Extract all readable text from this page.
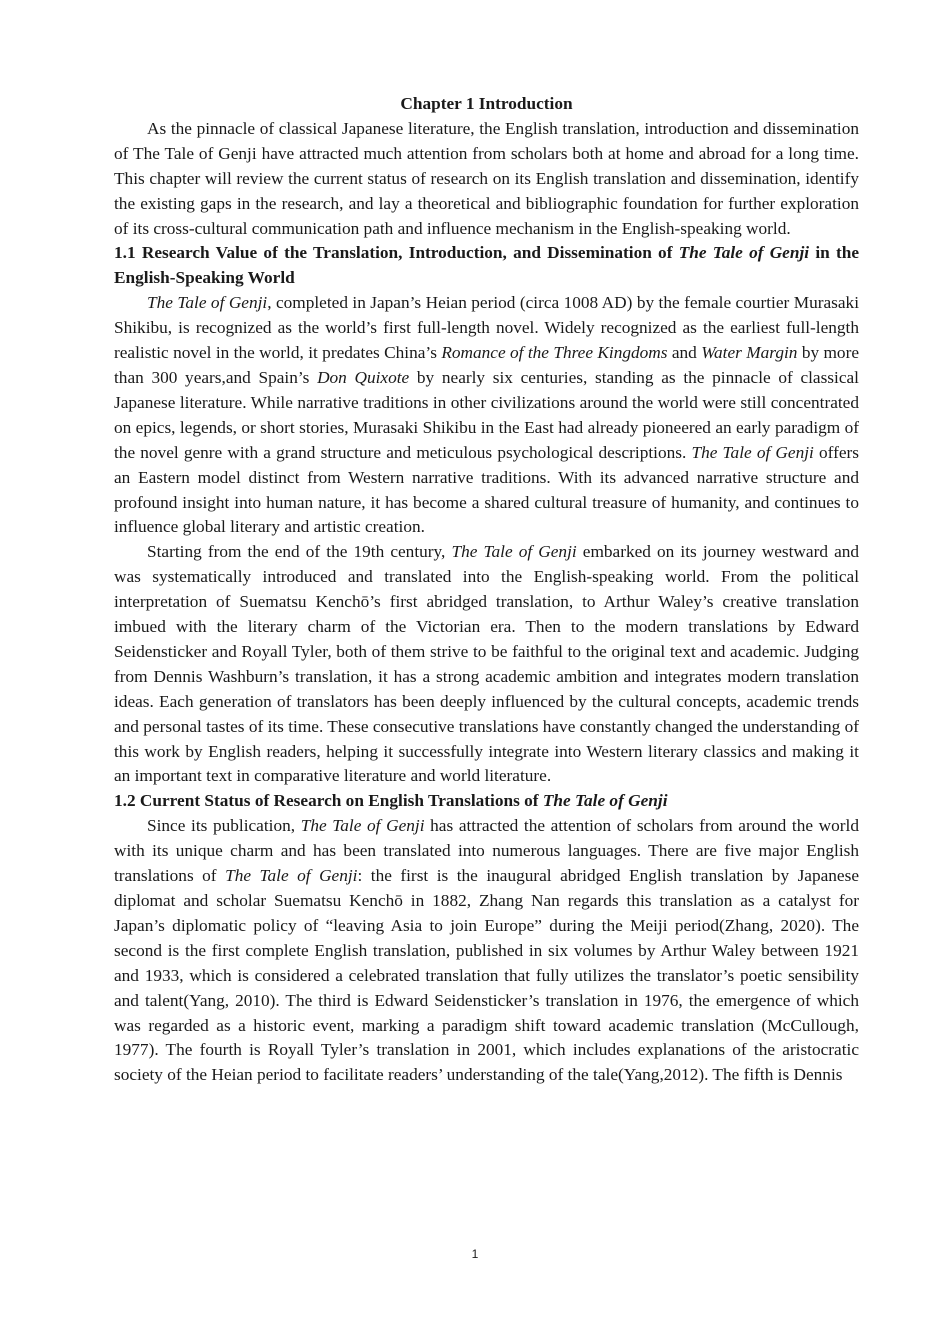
Chapter 1 Introduction

As the pinnacle of classical Japanese literature, the English translation, introduction and dissemination of The Tale of Genji have attracted much attention from scholars both at home and abroad for a long time. This chapter will review the current status of research on its English translation and dissemination, identify the existing gaps in the research, and lay a theoretical and bibliographic foundation for further exploration of its cross-cultural communication path and influence mechanism in the English-speaking world.

1.1 Research Value of the Translation, Introduction, and Dissemination of The Tale of Genji in the English-Speaking World

The Tale of Genji, completed in Japan’s Heian period (circa 1008 AD) by the female courtier Murasaki Shikibu, is recognized as the world’s first full-length novel. Widely recognized as the earliest full-length realistic novel in the world, it predates China’s Romance of the Three Kingdoms and Water Margin by more than 300 years,and Spain’s Don Quixote by nearly six centuries, standing as the pinnacle of classical Japanese literature. While narrative traditions in other civilizations around the world were still concentrated on epics, legends, or short stories, Murasaki Shikibu in the East had already pioneered an early paradigm of the novel genre with a grand structure and meticulous psychological descriptions. The Tale of Genji offers an Eastern model distinct from Western narrative traditions. With its advanced narrative structure and profound insight into human nature, it has become a shared cultural treasure of humanity, and continues to influence global literary and artistic creation.

Starting from the end of the 19th century, The Tale of Genji embarked on its journey westward and was systematically introduced and translated into the English-speaking world. From the political interpretation of Suematsu Kenchō’s first abridged translation, to Arthur Waley’s creative translation imbued with the literary charm of the Victorian era. Then to the modern translations by Edward Seidensticker and Royall Tyler, both of them strive to be faithful to the original text and academic. Judging from Dennis Washburn’s translation, it has a strong academic ambition and integrates modern translation ideas. Each generation of translators has been deeply influenced by the cultural concepts, academic trends and personal tastes of its time. These consecutive translations have constantly changed the understanding of this work by English readers, helping it successfully integrate into Western literary classics and making it an important text in comparative literature and world literature.

1.2 Current Status of Research on English Translations of The Tale of Genji

Since its publication, The Tale of Genji has attracted the attention of scholars from around the world with its unique charm and has been translated into numerous languages. There are five major English translations of The Tale of Genji: the first is the inaugural abridged English translation by Japanese diplomat and scholar Suematsu Kenchō in 1882, Zhang Nan regards this translation as a catalyst for Japan’s diplomatic policy of “leaving Asia to join Europe” during the Meiji period(Zhang, 2020). The second is the first complete English translation, published in six volumes by Arthur Waley between 1921 and 1933, which is considered a celebrated translation that fully utilizes the translator’s poetic sensibility and talent(Yang, 2010). The third is Edward Seidensticker’s translation in 1976, the emergence of which was regarded as a historic event, marking a paradigm shift toward academic translation (McCullough, 1977). The fourth is Royall Tyler’s translation in 2001, which includes explanations of the aristocratic society of the Heian period to facilitate readers’ understanding of the tale(Yang,2012). The fifth is Dennis

1
